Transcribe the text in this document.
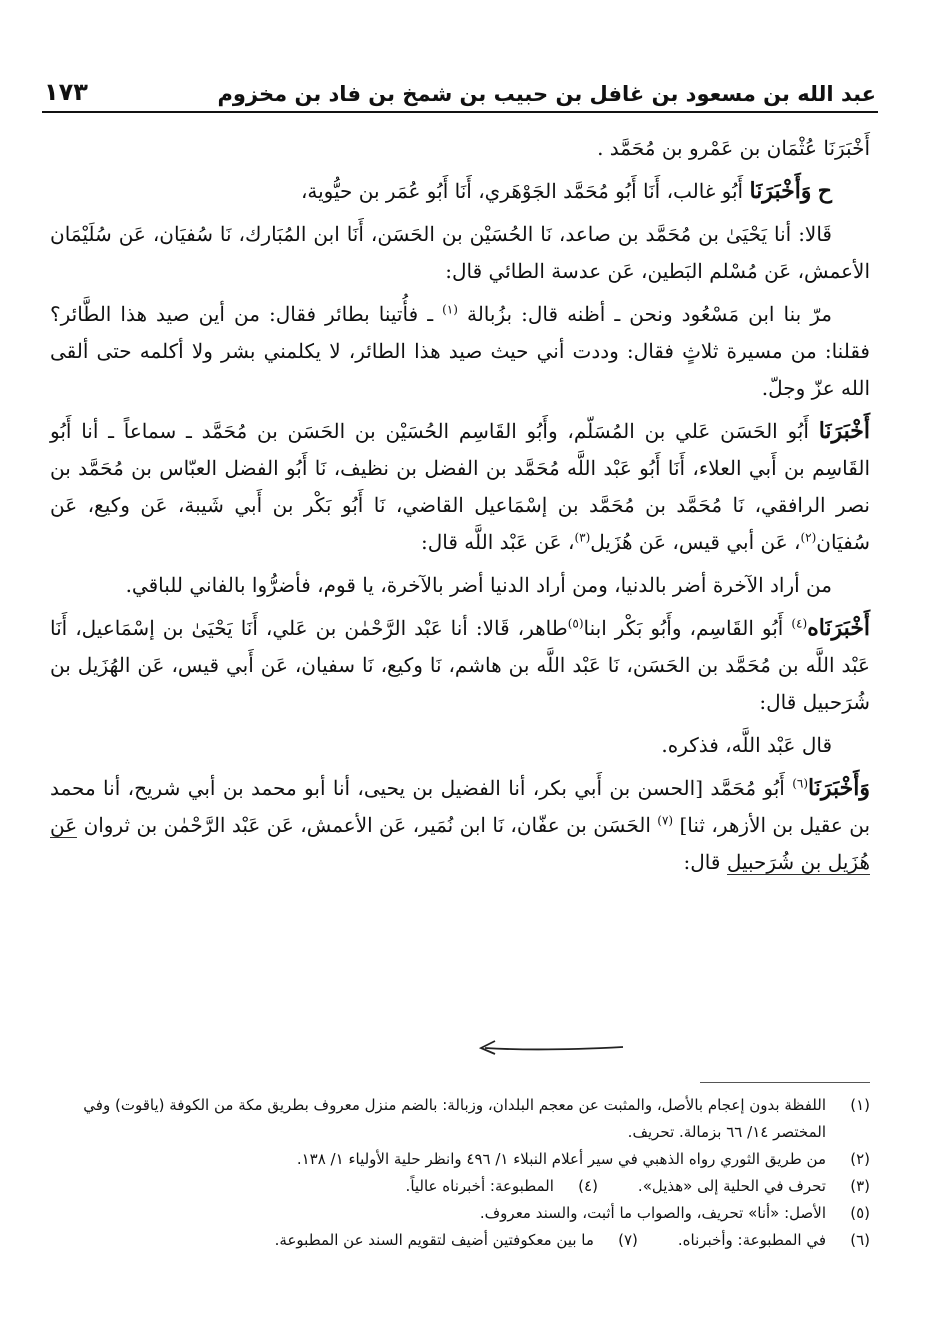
عبد الله بن مسعود بن غافل بن حبيب بن شمخ بن فاد بن مخزوم
١٧٣

أَخْبَرَنَا عُثْمَان بن عَمْرو بن مُحَمَّد .

ح وَأَخْبَرَنَا أَبُو غالب، أَنَا أَبُو مُحَمَّد الجَوْهَري، أَنَا أَبُو عُمَر بن حيُّوية،

قَالا: أنا يَحْيَىٰ بن مُحَمَّد بن صاعد، نَا الحُسَيْن بن الحَسَن، أَنَا ابن المُبَارك، نَا سُفيَان، عَن سُلَيْمَان الأعمش، عَن مُسْلم البَطين، عَن عدسة الطائي قال:

مرّ بنا ابن مَسْعُود ونحن ـ أظنه قال: بزُبالة $^{(١)}$ ـ فأُتينا بطائر فقال: من أين صيد هذا الطَّائر؟ فقلنا: من مسيرة ثلاثٍ فقال: وددت أني حيث صيد هذا الطائر، لا يكلمني بشر ولا أكلمه حتى ألقى الله عزّ وجلّ.

أَخْبَرَنَا أَبُو الحَسَن عَلي بن المُسَلّم، وأَبُو القَاسِم الحُسَيْن بن الحَسَن بن مُحَمَّد ـ سماعاً ـ أنا أَبُو القَاسِم بن أَبي العلاء، أَنَا أَبُو عَبْد اللَّه مُحَمَّد بن الفضل بن نظيف، نَا أَبُو الفضل العبّاس بن مُحَمَّد بن نصر الرافقي، نَا مُحَمَّد بن مُحَمَّد بن إسْمَاعيل القاضي، نَا أَبُو بَكْر بن أَبي شَيبة، عَن وكيع، عَن سُفيَان$^{(٢)}$، عَن أبي قيس، عَن هُزَيل$^{(٣)}$، عَن عَبْد اللَّه قال:

من أراد الآخرة أضر بالدنيا، ومن أراد الدنيا أضر بالآخرة، يا قوم، فأضرُّوا بالفاني للباقي.

أَخْبَرَنَاه$^{(٤)}$ أَبُو القَاسِم، وأَبُو بَكْر ابنا$^{(٥)}$طاهر، قَالا: أنا عَبْد الرَّحْمٰن بن عَلي، أَنَا يَحْيَىٰ بن إسْمَاعيل، أَنَا عَبْد اللَّه بن مُحَمَّد بن الحَسَن، نَا عَبْد اللَّه بن هاشم، نَا وكيع، نَا سفيان، عَن أَبي قيس، عَن الهُزَيل بن شُرَحبيل قال:

قال عَبْد اللَّه، فذكره.

وَأَخْبَرَنَا$^{(٦)}$ أَبُو مُحَمَّد [الحسن بن أَبي بكر، أنا الفضيل بن يحيى، أنا أبو محمد بن أبي شريح، أنا محمد بن عقيل بن الأزهر، ثنا] $^{(٧)}$ الحَسَن بن عفّان، نَا ابن نُمَير، عَن الأعمش، عَن عَبْد الرَّحْمٰن بن ثروان عَن هُزَيل بن شُرَحبيل قال:

(١)
اللفظة بدون إعجام بالأصل، والمثبت عن معجم البلدان، وزبالة: بالضم منزل معروف بطريق مكة من الكوفة (ياقوت) وفي المختصر ١٤/ ٦٦ بزمالة. تحريف.
(٢)
من طريق الثوري رواه الذهبي في سير أعلام النبلاء ١/ ٤٩٦ وانظر حلية الأولياء ١/ ١٣٨.
(٣)
تحرف في الحلية إلى «هذيل».
(٤)
المطبوعة: أخبرناه عالياً.
(٥)
الأصل: «أنا» تحريف، والصواب ما أثبت، والسند معروف.
(٦)
في المطبوعة: وأخبرناه.
(٧)
ما بين معكوفتين أضيف لتقويم السند عن المطبوعة.
